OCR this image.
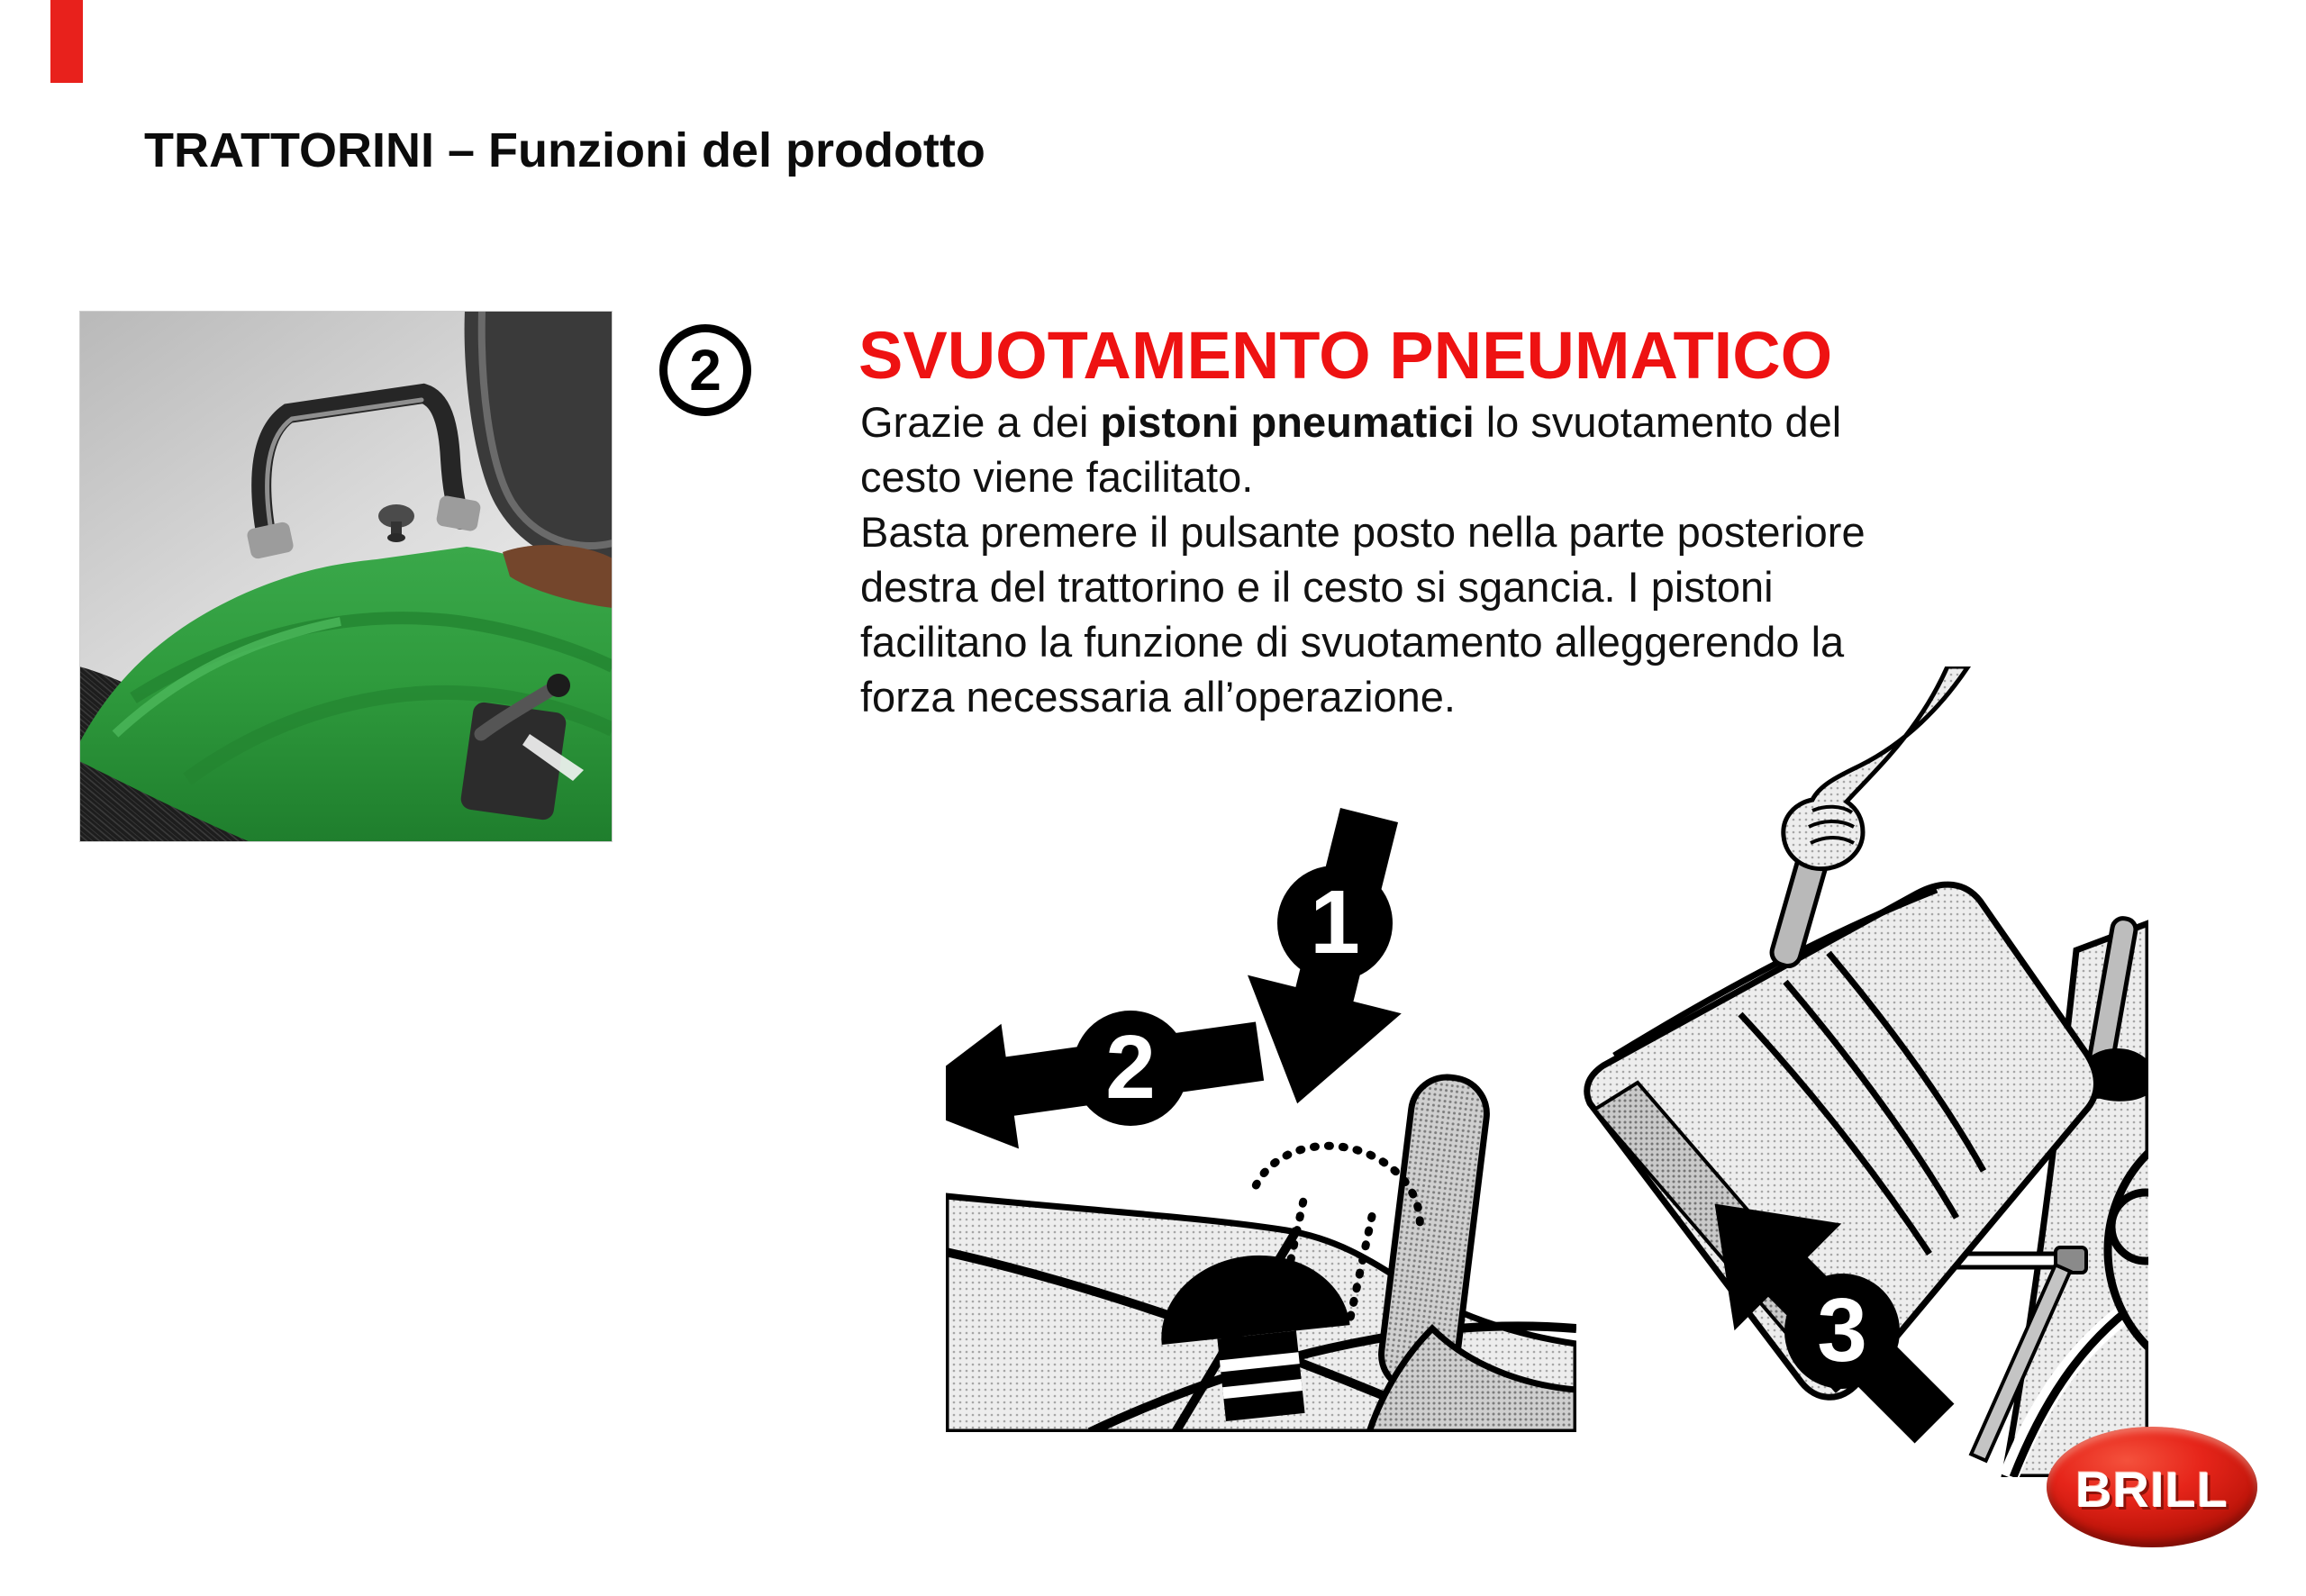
TRATTORINI – Funzioni del prodotto
2 SVUOTAMENTO PNEUMATICO
Grazie a dei pistoni pneumatici lo svuotamento del
cesto viene facilitato.
Basta premere il pulsante posto nella parte posteriore
destra del trattorino e il cesto si sgancia. I pistoni
facilitano la funzione di svuotamento alleggerendo la
forza necessaria all’operazione.
1
2
3
BRILL
